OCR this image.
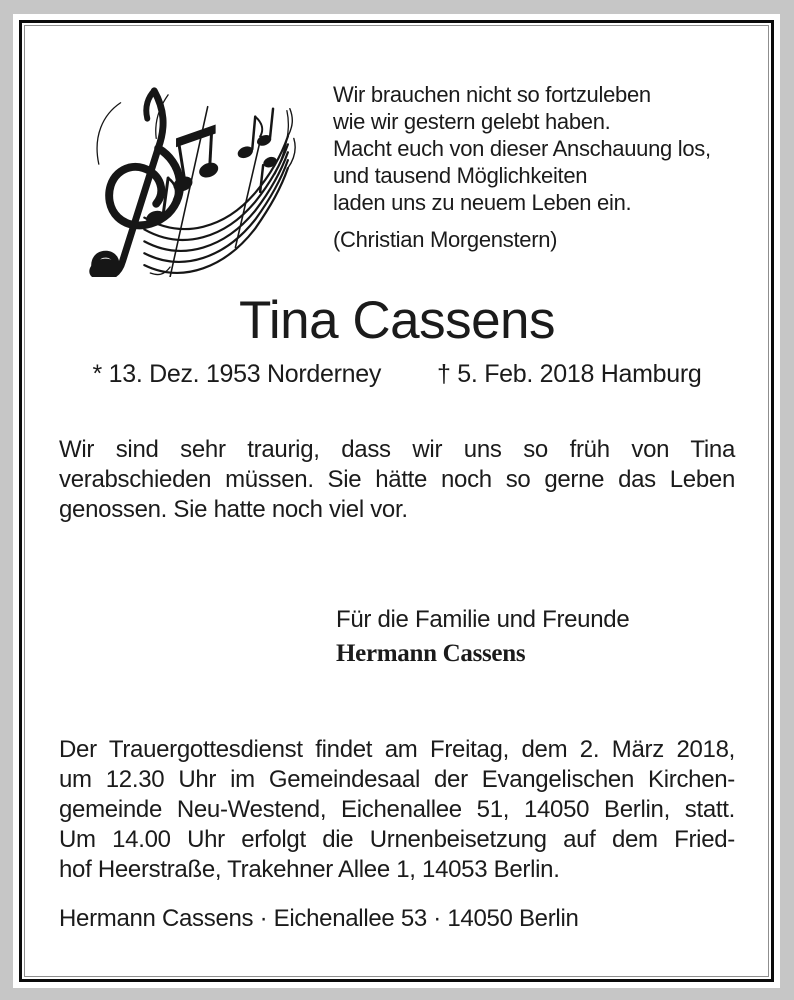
Wir brauchen nicht so fortzuleben
wie wir gestern gelebt haben.
Macht euch von dieser Anschauung los,
und tausend Möglichkeiten
laden uns zu neuem Leben ein.
(Christian Morgenstern)
Tina Cassens
* 13. Dez. 1953 Norderney † 5. Feb. 2018 Hamburg
Wir sind sehr traurig, dass wir uns so früh von Tina
verabschieden müssen. Sie hätte noch so gerne das Leben
genossen. Sie hatte noch viel vor.
Für die Familie und Freunde
Hermann Cassens
Der Trauergottesdienst findet am Freitag, dem 2. März 2018,
um 12.30 Uhr im Gemeindesaal der Evangelischen Kirchen-
gemeinde Neu-Westend, Eichenallee 51, 14050 Berlin, statt.
Um 14.00 Uhr erfolgt die Urnenbeisetzung auf dem Fried-
hof Heerstraße, Trakehner Allee 1, 14053 Berlin.
Hermann Cassens · Eichenallee 53 · 14050 Berlin
